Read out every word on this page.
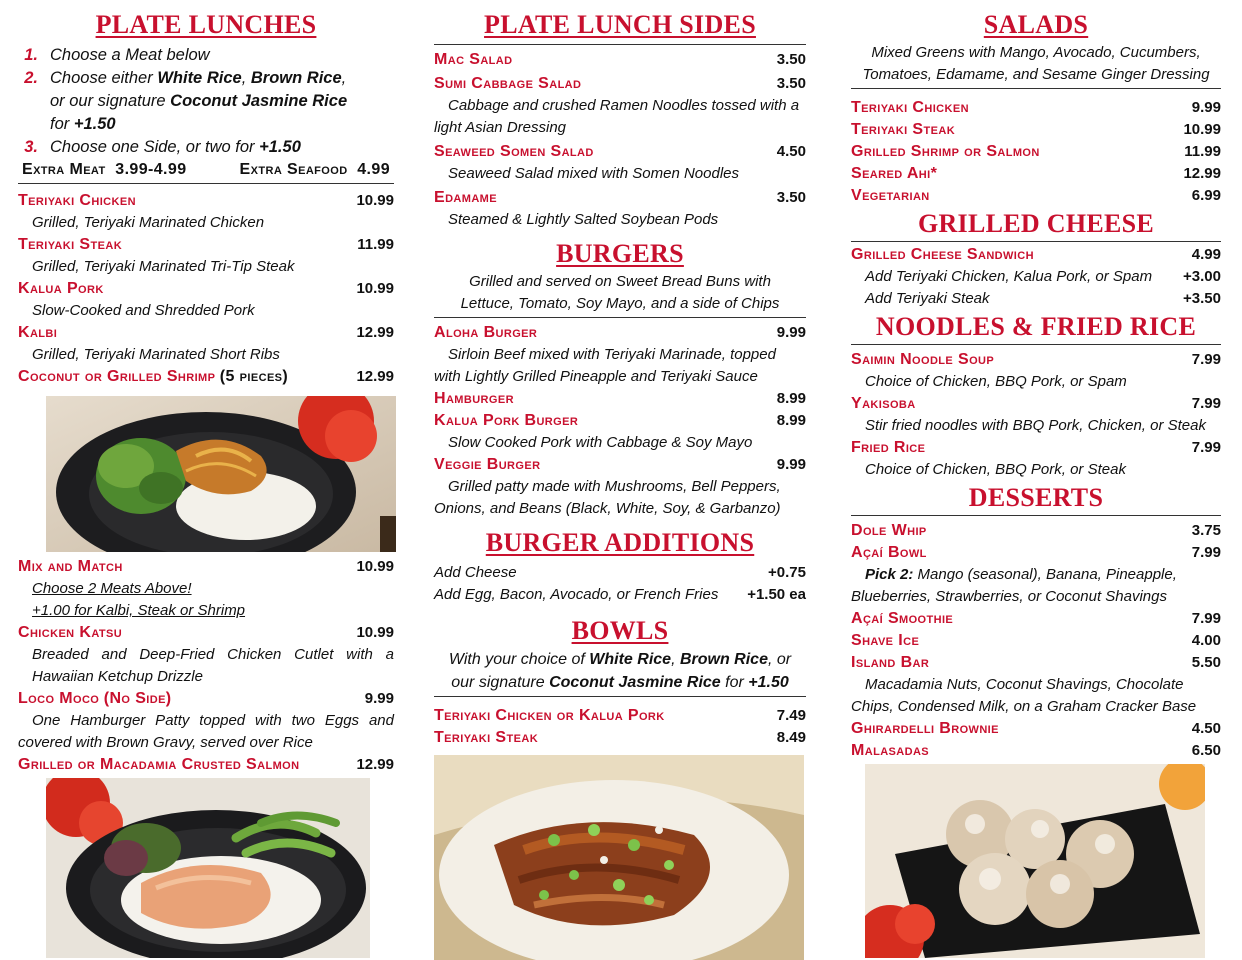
PLATE LUNCHES
1. Choose a Meat below
2. Choose either White Rice, Brown Rice,
or our signature Coconut Jasmine Rice
for +1.50
3. Choose one Side, or two for +1.50
Extra Meat 3.99-4.99	Extra Seafood 4.99
Teriyaki Chicken	10.99
Grilled, Teriyaki Marinated Chicken
Teriyaki Steak	11.99
Grilled, Teriyaki Marinated Tri-Tip Steak
Kalua Pork	10.99
Slow-Cooked and Shredded Pork
Kalbi	12.99
Grilled, Teriyaki Marinated Short Ribs
Coconut or Grilled Shrimp (5 pieces)	12.99
Mix and Match	10.99
Choose 2 Meats Above!
+1.00 for Kalbi, Steak or Shrimp
Chicken Katsu	10.99
Breaded and Deep-Fried Chicken Cutlet with a Hawaiian Ketchup Drizzle
Loco Moco (No Side)	9.99
One Hamburger Patty topped with two Eggs and covered with Brown Gravy, served over Rice
Grilled or Macadamia Crusted Salmon	12.99
PLATE LUNCH SIDES
Mac Salad	3.50
Sumi Cabbage Salad	3.50
Cabbage and crushed Ramen Noodles tossed with a light Asian Dressing
Seaweed Somen Salad	4.50
Seaweed Salad mixed with Somen Noodles
Edamame	3.50
Steamed & Lightly Salted Soybean Pods
BURGERS
Grilled and served on Sweet Bread Buns with Lettuce, Tomato, Soy Mayo, and a side of Chips
Aloha Burger	9.99
Sirloin Beef mixed with Teriyaki Marinade, topped with Lightly Grilled Pineapple and Teriyaki Sauce
Hamburger	8.99
Kalua Pork Burger	8.99
Slow Cooked Pork with Cabbage & Soy Mayo
Veggie Burger	9.99
Grilled patty made with Mushrooms, Bell Peppers, Onions, and Beans (Black, White, Soy, & Garbanzo)
BURGER ADDITIONS
Add Cheese	+0.75
Add Egg, Bacon, Avocado, or French Fries +1.50 ea
BOWLS
With your choice of White Rice, Brown Rice, or
our signature Coconut Jasmine Rice for +1.50
Teriyaki Chicken or Kalua Pork	7.49
Teriyaki Steak	8.49
SALADS
Mixed Greens with Mango, Avocado, Cucumbers, Tomatoes, Edamame, and Sesame Ginger Dressing
Teriyaki Chicken	9.99
Teriyaki Steak	10.99
Grilled Shrimp or Salmon	11.99
Seared Ahi*	12.99
Vegetarian	6.99
GRILLED CHEESE
Grilled Cheese Sandwich	4.99
Add Teriyaki Chicken, Kalua Pork, or Spam +3.00
Add Teriyaki Steak	+3.50
NOODLES & FRIED RICE
Saimin Noodle Soup	7.99
Choice of Chicken, BBQ Pork, or Spam
Yakisoba	7.99
Stir fried noodles with BBQ Pork, Chicken, or Steak
Fried Rice	7.99
Choice of Chicken, BBQ Pork, or Steak
DESSERTS
Dole Whip	3.75
Açaí Bowl	7.99
Pick 2: Mango (seasonal), Banana, Pineapple, Blueberries, Strawberries, or Coconut Shavings
Açaí Smoothie	7.99
Shave Ice	4.00
Island Bar	5.50
Macadamia Nuts, Coconut Shavings, Chocolate Chips, Condensed Milk, on a Graham Cracker Base
Ghirardelli Brownie	4.50
Malasadas	6.50
